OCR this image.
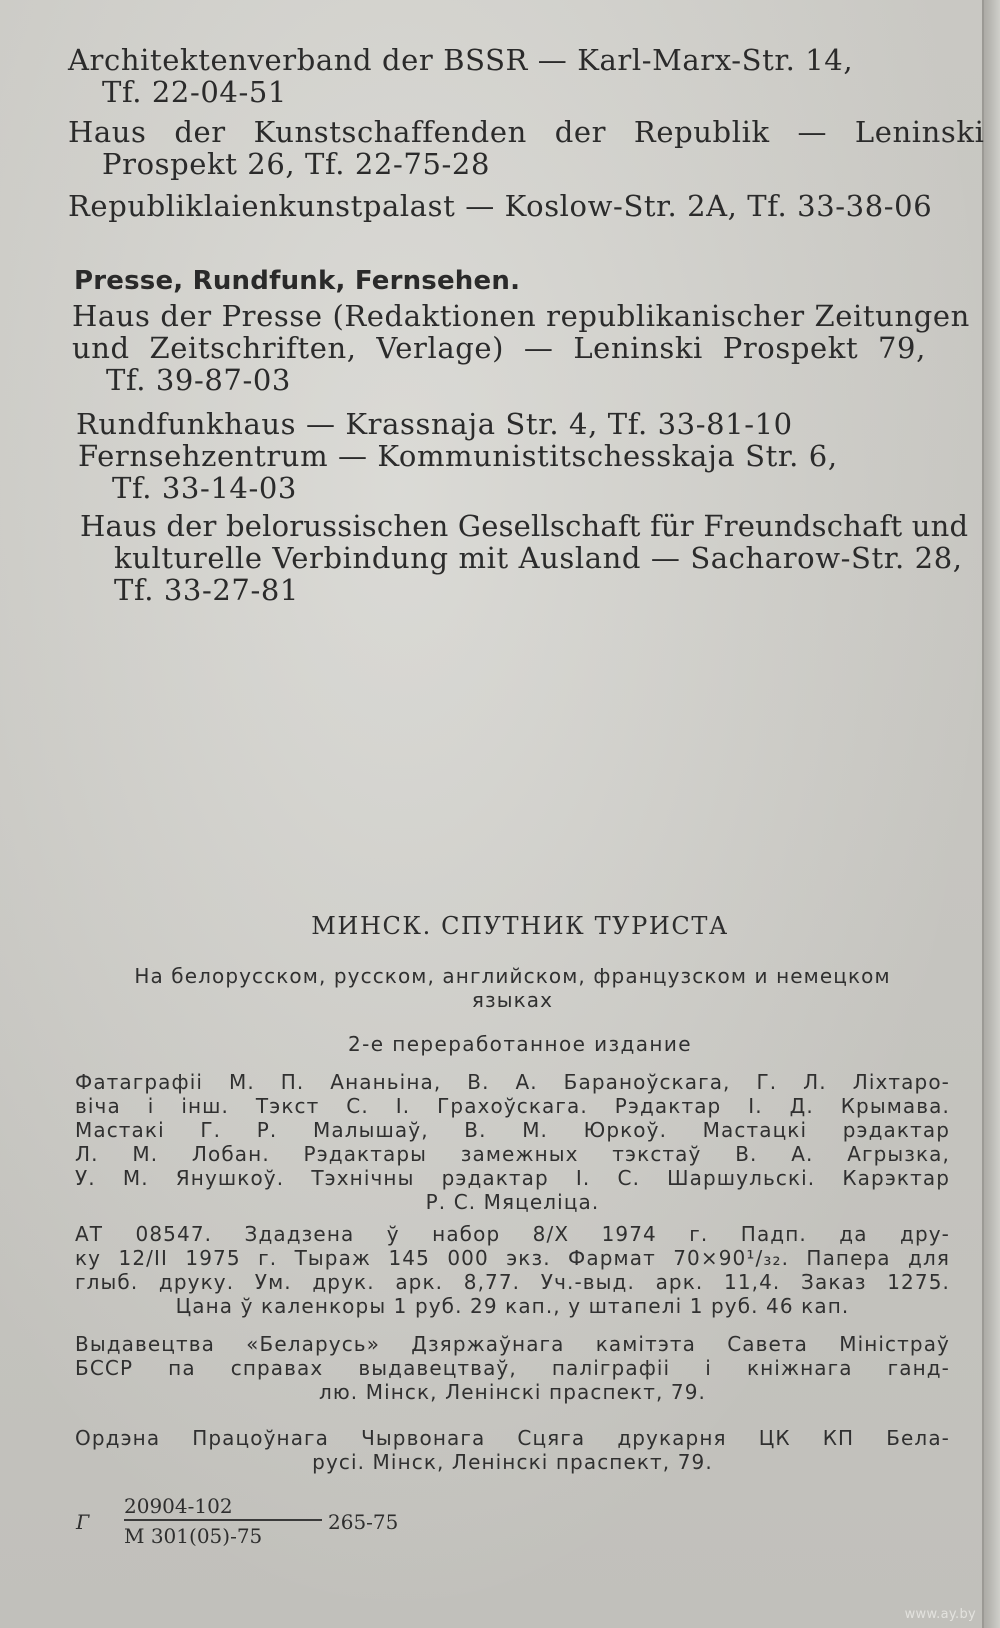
Architektenverband der BSSR — Karl-Marx-Str. 14,
Tf. 22-04-51
Haus der Kunstschaffenden der Republik — Leninski
Prospekt 26, Tf. 22-75-28
Republiklaienkunstpalast — Koslow-Str. 2A, Tf. 33-38-06
Presse, Rundfunk, Fernsehen.
Haus der Presse (Redaktionen republikanischer Zeitungen
und Zeitschriften, Verlage) — Leninski Prospekt 79,
Tf. 39-87-03
Rundfunkhaus — Krassnaja Str. 4, Tf. 33-81-10
Fernsehzentrum — Kommunistitschesskaja Str. 6,
Tf. 33-14-03
Haus der belorussischen Gesellschaft für Freundschaft und
kulturelle Verbindung mit Ausland — Sacharow-Str. 28,
Tf. 33-27-81
МИНСК. СПУТНИК ТУРИСТА
На белорусском, русском, английском, французском и немецком
языках
2-е переработанное издание
Фатаграфіі М. П. Ананьіна, В. А. Бараноўскага, Г. Л. Ліхтаро-
віча і інш. Тэкст С. І. Грахоўскага. Рэдактар І. Д. Крымава.
Мастакі Г. Р. Малышаў, В. М. Юркоў. Мастацкі рэдактар
Л. М. Лобан. Рэдактары замежных тэкстаў В. А. Агрызка,
У. М. Янушкоў. Тэхнічны рэдактар І. С. Шаршульскі. Карэктар
Р. С. Мяцеліца.
АТ 08547. Здадзена ў набор 8/X 1974 г. Падп. да дру-
ку 12/II 1975 г. Тыраж 145 000 экз. Фармат 70×90¹/₃₂. Папера для
глыб. друку. Ум. друк. арк. 8,77. Уч.-выд. арк. 11,4. Заказ 1275.
Цана ў каленкоры 1 руб. 29 кап., у штапелі 1 руб. 46 кап.
Выдавецтва «Беларусь» Дзяржаўнага камітэта Савета Міністраў
БССР па справах выдавецтваў, паліграфіі і кніжнага ганд-
лю. Мінск, Ленінскі праспект, 79.
Ордэна Працоўнага Чырвонага Сцяга друкарня ЦК КП Бела-
русі. Мінск, Ленінскі праспект, 79.
Г
20904-102
М 301(05)-75
265-75
www.ay.by
